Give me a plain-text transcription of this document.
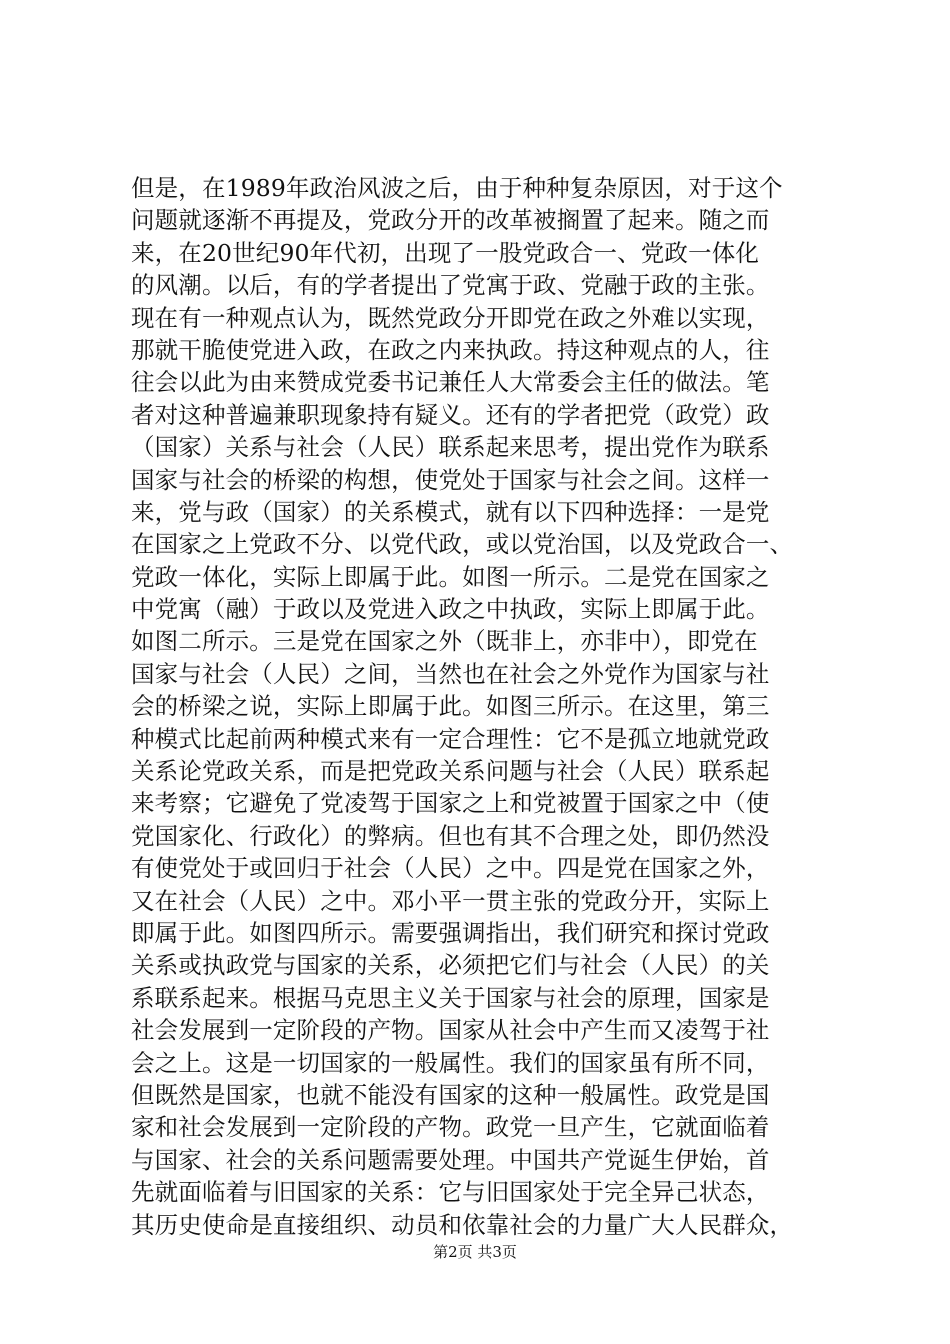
但是，在1989年政治风波之后，由于种种复杂原因，对于这个
问题就逐渐不再提及，党政分开的改革被搁置了起来。随之而
来，在20世纪90年代初，出现了一股党政合一、党政一体化
的风潮。以后，有的学者提出了党寓于政、党融于政的主张。
现在有一种观点认为，既然党政分开即党在政之外难以实现，
那就干脆使党进入政，在政之内来执政。持这种观点的人，往
往会以此为由来赞成党委书记兼任人大常委会主任的做法。笔
者对这种普遍兼职现象持有疑义。还有的学者把党（政党）政
（国家）关系与社会（人民）联系起来思考，提出党作为联系
国家与社会的桥梁的构想，使党处于国家与社会之间。这样一
来，党与政（国家）的关系模式，就有以下四种选择：一是党
在国家之上党政不分、以党代政，或以党治国，以及党政合一、
党政一体化，实际上即属于此。如图一所示。二是党在国家之
中党寓（融）于政以及党进入政之中执政，实际上即属于此。
如图二所示。三是党在国家之外（既非上，亦非中），即党在
国家与社会（人民）之间，当然也在社会之外党作为国家与社
会的桥梁之说，实际上即属于此。如图三所示。在这里，第三
种模式比起前两种模式来有一定合理性：它不是孤立地就党政
关系论党政关系，而是把党政关系问题与社会（人民）联系起
来考察；它避免了党凌驾于国家之上和党被置于国家之中（使
党国家化、行政化）的弊病。但也有其不合理之处，即仍然没
有使党处于或回归于社会（人民）之中。四是党在国家之外，
又在社会（人民）之中。邓小平一贯主张的党政分开，实际上
即属于此。如图四所示。需要强调指出，我们研究和探讨党政
关系或执政党与国家的关系，必须把它们与社会（人民）的关
系联系起来。根据马克思主义关于国家与社会的原理，国家是
社会发展到一定阶段的产物。国家从社会中产生而又凌驾于社
会之上。这是一切国家的一般属性。我们的国家虽有所不同，
但既然是国家，也就不能没有国家的这种一般属性。政党是国
家和社会发展到一定阶段的产物。政党一旦产生，它就面临着
与国家、社会的关系问题需要处理。中国共产党诞生伊始，首
先就面临着与旧国家的关系：它与旧国家处于完全异己状态，
其历史使命是直接组织、动员和依靠社会的力量广大人民群众，
第2页 共3页
